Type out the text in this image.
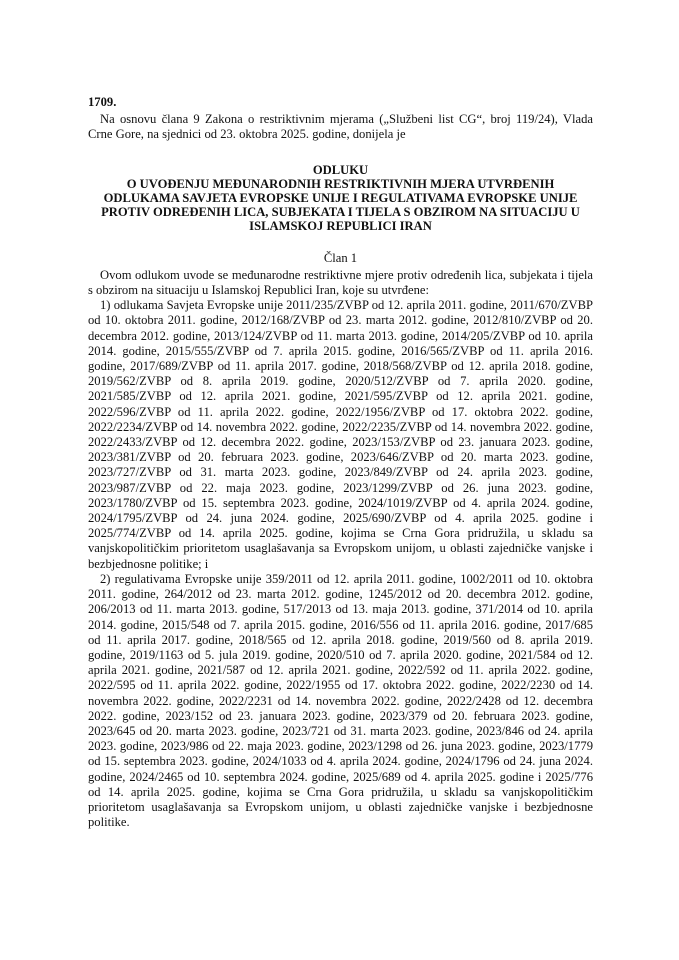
1709.

Na osnovu člana 9 Zakona o restriktivnim mjerama („Službeni list CG“, broj 119/24), Vlada Crne Gore, na sjednici od 23. oktobra 2025. godine, donijela je

ODLUKU
O UVOĐENJU MEĐUNARODNIH RESTRIKTIVNIH MJERA UTVRĐENIH
ODLUKAMA SAVJETA EVROPSKE UNIJE I REGULATIVAMA EVROPSKE UNIJE
PROTIV ODREĐENIH LICA, SUBJEKATA I TIJELA S OBZIROM NA SITUACIJU U
ISLAMSKOJ REPUBLICI IRAN
Član 1

Ovom odlukom uvode se međunarodne restriktivne mjere protiv određenih lica, subjekata i tijela s obzirom na situaciju u Islamskoj Republici Iran, koje su utvrđene:

1) odlukama Savjeta Evropske unije 2011/235/ZVBP od 12. aprila 2011. godine, 2011/670/ZVBP od 10. oktobra 2011. godine, 2012/168/ZVBP od 23. marta 2012. godine, 2012/810/ZVBP od 20. decembra 2012. godine, 2013/124/ZVBP od 11. marta 2013. godine, 2014/205/ZVBP od 10. aprila 2014. godine, 2015/555/ZVBP od 7. aprila 2015. godine, 2016/565/ZVBP od 11. aprila 2016. godine, 2017/689/ZVBP od 11. aprila 2017. godine, 2018/568/ZVBP od 12. aprila 2018. godine, 2019/562/ZVBP od 8. aprila 2019. godine, 2020/512/ZVBP od 7. aprila 2020. godine, 2021/585/ZVBP od 12. aprila 2021. godine, 2021/595/ZVBP od 12. aprila 2021. godine, 2022/596/ZVBP od 11. aprila 2022. godine, 2022/1956/ZVBP od 17. oktobra 2022. godine, 2022/2234/ZVBP od 14. novembra 2022. godine, 2022/2235/ZVBP od 14. novembra 2022. godine, 2022/2433/ZVBP od 12. decembra 2022. godine, 2023/153/ZVBP od 23. januara 2023. godine, 2023/381/ZVBP od 20. februara 2023. godine, 2023/646/ZVBP od 20. marta 2023. godine, 2023/727/ZVBP od 31. marta 2023. godine, 2023/849/ZVBP od 24. aprila 2023. godine, 2023/987/ZVBP od 22. maja 2023. godine, 2023/1299/ZVBP od 26. juna 2023. godine, 2023/1780/ZVBP od 15. septembra 2023. godine, 2024/1019/ZVBP od 4. aprila 2024. godine, 2024/1795/ZVBP od 24. juna 2024. godine, 2025/690/ZVBP od 4. aprila 2025. godine i 2025/774/ZVBP od 14. aprila 2025. godine, kojima se Crna Gora pridružila, u skladu sa vanjskopolitičkim prioritetom usaglašavanja sa Evropskom unijom, u oblasti zajedničke vanjske i bezbjednosne politike; i

2) regulativama Evropske unije 359/2011 od 12. aprila 2011. godine, 1002/2011 od 10. oktobra 2011. godine, 264/2012 od 23. marta 2012. godine, 1245/2012 od 20. decembra 2012. godine, 206/2013 od 11. marta 2013. godine, 517/2013 od 13. maja 2013. godine, 371/2014 od 10. aprila 2014. godine, 2015/548 od 7. aprila 2015. godine, 2016/556 od 11. aprila 2016. godine, 2017/685 od 11. aprila 2017. godine, 2018/565 od 12. aprila 2018. godine, 2019/560 od 8. aprila 2019. godine, 2019/1163 od 5. jula 2019. godine, 2020/510 od 7. aprila 2020. godine, 2021/584 od 12. aprila 2021. godine, 2021/587 od 12. aprila 2021. godine, 2022/592 od 11. aprila 2022. godine, 2022/595 od 11. aprila 2022. godine, 2022/1955 od 17. oktobra 2022. godine, 2022/2230 od 14. novembra 2022. godine, 2022/2231 od 14. novembra 2022. godine, 2022/2428 od 12. decembra 2022. godine, 2023/152 od 23. januara 2023. godine, 2023/379 od 20. februara 2023. godine, 2023/645 od 20. marta 2023. godine, 2023/721 od 31. marta 2023. godine, 2023/846 od 24. aprila 2023. godine, 2023/986 od 22. maja 2023. godine, 2023/1298 od 26. juna 2023. godine, 2023/1779 od 15. septembra 2023. godine, 2024/1033 od 4. aprila 2024. godine, 2024/1796 od 24. juna 2024. godine, 2024/2465 od 10. septembra 2024. godine, 2025/689 od 4. aprila 2025. godine i 2025/776 od 14. aprila 2025. godine, kojima se Crna Gora pridružila, u skladu sa vanjskopolitičkim prioritetom usaglašavanja sa Evropskom unijom, u oblasti zajedničke vanjske i bezbjednosne politike.
